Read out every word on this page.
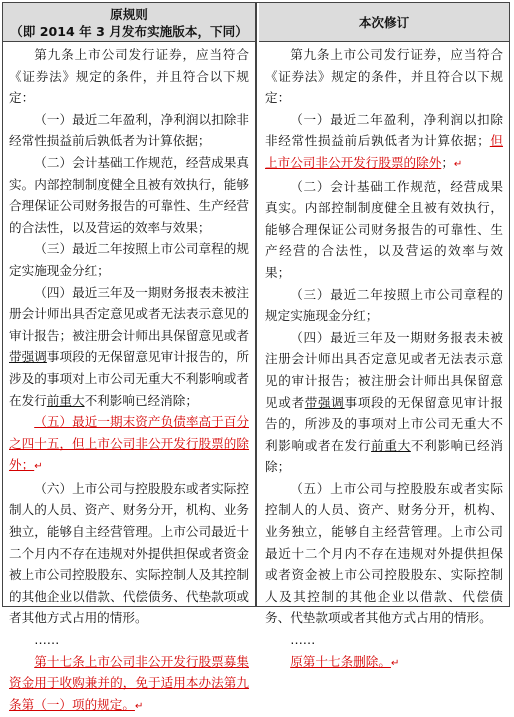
原规则
（即 2014 年 3 月发布实施版本，下同）

第九条上市公司发行证券，应当符合《证券法》规定的条件，并且符合以下规定：

（一）最近二年盈利，净利润以扣除非经常性损益前后孰低者为计算依据；

（二）会计基础工作规范，经营成果真实。内部控制制度健全且被有效执行，能够合理保证公司财务报告的可靠性、生产经营的合法性，以及营运的效率与效果；

（三）最近二年按照上市公司章程的规定实施现金分红；

（四）最近三年及一期财务报表未被注册会计师出具否定意见或者无法表示意见的审计报告；被注册会计师出具保留意见或者带强调事项段的无保留意见审计报告的，所涉及的事项对上市公司无重大不利影响或者在发行前重大不利影响已经消除；

（五）最近一期末资产负债率高于百分之四十五，但上市公司非公开发行股票的除外；↵

（六）上市公司与控股股东或者实际控制人的人员、资产、财务分开，机构、业务独立，能够自主经营管理。上市公司最近十二个月内不存在违规对外提供担保或者资金被上市公司控股股东、实际控制人及其控制的其他企业以借款、代偿债务、代垫款项或者其他方式占用的情形。

……

第十七条上市公司非公开发行股票募集资金用于收购兼并的，免于适用本办法第九条第（一）项的规定。↵

本次修订

第九条上市公司发行证券，应当符合《证券法》规定的条件，并且符合以下规定：

（一）最近二年盈利，净利润以扣除非经常性损益前后孰低者为计算依据；但上市公司非公开发行股票的除外；↵

（二）会计基础工作规范，经营成果真实。内部控制制度健全且被有效执行，能够合理保证公司财务报告的可靠性、生产经营的合法性，以及营运的效率与效果；

（三）最近二年按照上市公司章程的规定实施现金分红；

（四）最近三年及一期财务报表未被注册会计师出具否定意见或者无法表示意见的审计报告；被注册会计师出具保留意见或者带强调事项段的无保留意见审计报告的，所涉及的事项对上市公司无重大不利影响或者在发行前重大不利影响已经消除；

（五）上市公司与控股股东或者实际控制人的人员、资产、财务分开，机构、业务独立，能够自主经营管理。上市公司最近十二个月内不存在违规对外提供担保或者资金被上市公司控股股东、实际控制人及其控制的其他企业以借款、代偿债务、代垫款项或者其他方式占用的情形。

……

原第十七条删除。↵
